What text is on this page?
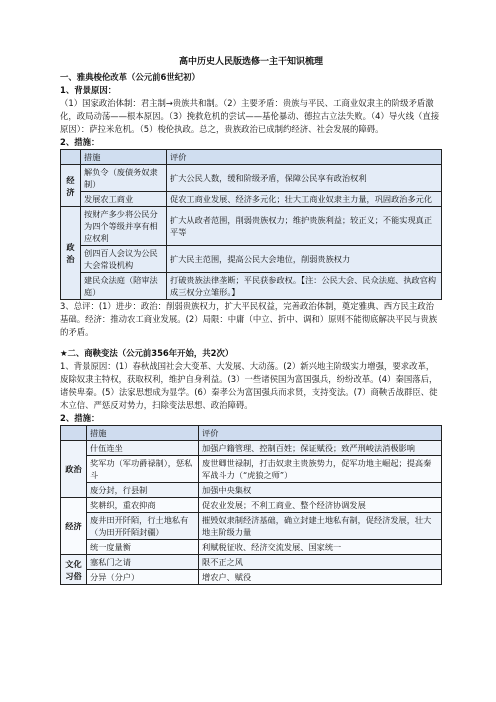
高中历史人民版选修一主干知识梳理
一、雅典梭伦改革（公元前6世纪初）
1、背景原因：
（1）国家政治体制：君主制→贵族共和制。（2）主要矛盾：贵族与平民、工商业奴隶主的阶级矛盾激化，政局动荡——根本原因。（3）挽救危机的尝试——基伦暴动、德拉古立法失败。（4）导火线（直接原因）：萨拉米危机。（5）梭伦执政。总之，贵族政治已成制约经济、社会发展的障碍。
2、措施：
	措施	评价
经济	解负令（废债务奴隶制）	扩大公民人数，缓和阶级矛盾，保障公民享有政治权利
	发展农工商业	促农工商业发展、经济多元化；壮大工商业奴隶主力量，巩固政治多元化
政治	按财产多少将公民分为四个等级并享有相应权利	扩大从政者范围，削弱贵族权力；维护贵族利益；较正义；不能实现真正平等
	创四百人会议为公民大会常设机构	扩大民主范围，提高公民大会地位，削弱贵族权力
	建民众法庭（陪审法庭）	打破贵族法律垄断；平民获参政权。【注：公民大会、民众法庭、执政官构成三权分立雏形。】
3、总评：(1）进步：政治：削弱贵族权力，扩大平民权益，完善政治体制，奠定雅典、西方民主政治基础。经济：推动农工商业发展。(2）局限：中庸（中立、折中、调和）原则不能彻底解决平民与贵族的矛盾。
★二、商鞅变法（公元前356年开始，共2次）
1、背景原因：(1）春秋战国社会大变革、大发展、大动荡。(2）新兴地主阶级实力增强，要求改革，废除奴隶主特权，获取权利，维护自身利益。(3）一些诸侯国为富国强兵，纷纷改革。(4）秦国落后，诸侯卑秦。(5）法家思想成为显学。(6）秦孝公为富国强兵而求贤，支持变法。(7）商鞅舌战群臣、徙木立信、严惩反对势力，扫除变法思想、政治障碍。
2、措施：
	措施	评价
政治	什伍连坐	加强户籍管理、控制百姓；保证赋役；致严刑峻法消极影响
	奖军功（军功爵禄制），惩私斗	废世卿世禄制，打击奴隶主贵族势力，促军功地主崛起；提高秦军战斗力（“虎狼之师”）
	废分封，行县制	加强中央集权
经济	奖耕织，重农抑商	促农业发展；不利工商业、整个经济协调发展
	废井田开阡陌，行土地私有（为田开阡陌封疆）	摧毁奴隶制经济基础，确立封建土地私有制，促经济发展，壮大地主阶级力量
	统一度量衡	利赋税征收、经济交流发展、国家统一
文化习俗	塞私门之请	限不正之风
	分异（分户）	增农户、赋役
